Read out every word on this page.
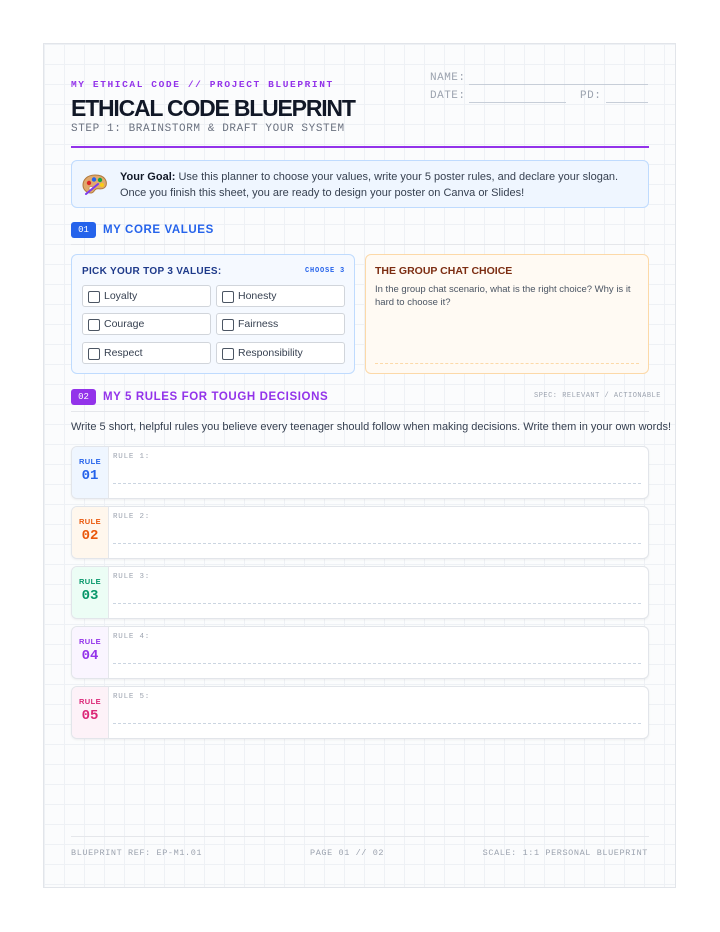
MY ETHICAL CODE // PROJECT BLUEPRINT
ETHICAL CODE BLUEPRINT
STEP 1: BRAINSTORM & DRAFT YOUR SYSTEM
NAME:
DATE:	PD:
Your Goal: Use this planner to choose your values, write your 5 poster rules, and declare your slogan. Once you finish this sheet, you are ready to design your poster on Canva or Slides!
01	MY CORE VALUES
PICK YOUR TOP 3 VALUES:	CHOOSE 3
Loyalty	Honesty
Courage	Fairness
Respect	Responsibility
THE GROUP CHAT CHOICE
In the group chat scenario, what is the right choice? Why is it hard to choose it?
02	MY 5 RULES FOR TOUGH DECISIONS	SPEC: RELEVANT / ACTIONABLE
Write 5 short, helpful rules you believe every teenager should follow when making decisions. Write them in your own words!
RULE
01
RULE 1:
RULE
02
RULE 2:
RULE
03
RULE 3:
RULE
04
RULE 4:
RULE
05
RULE 5:
BLUEPRINT REF: EP-M1.01	PAGE 01 // 02	SCALE: 1:1 PERSONAL BLUEPRINT
